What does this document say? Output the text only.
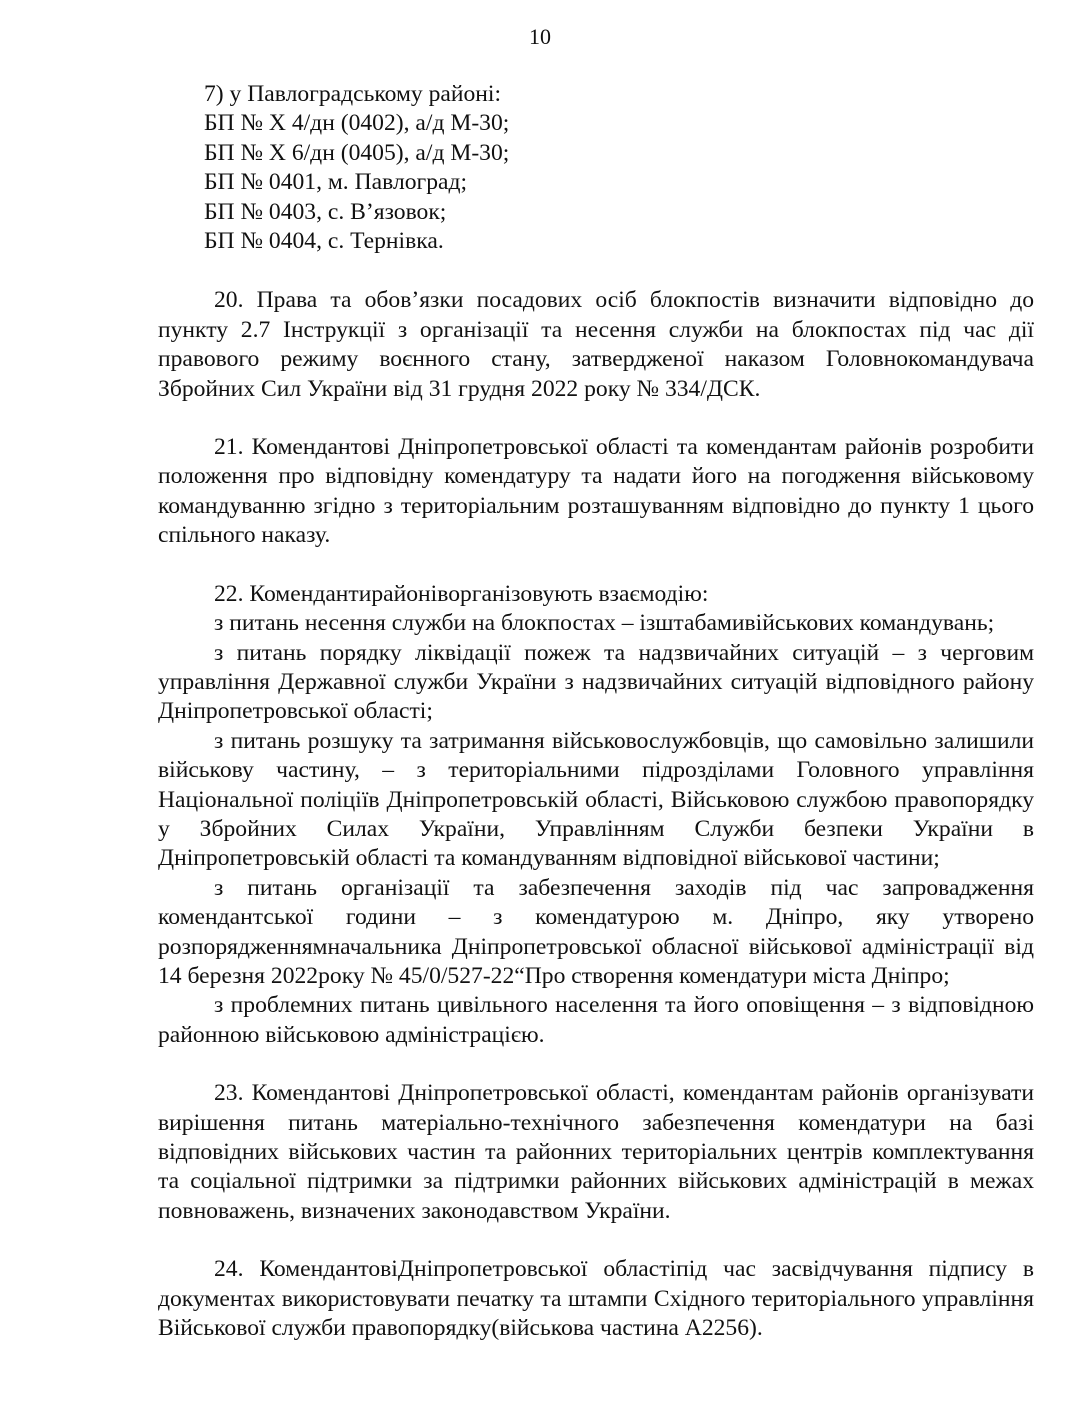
10
7) у Павлоградському районі:
БП № Х 4/дн (0402), а/д М-30;
БП № Х 6/дн (0405), а/д М-30;
БП № 0401, м. Павлоград;
БП № 0403, с. В’язовок;
БП № 0404, с. Тернівка.

20. Права та обов’язки посадових осіб блокпостів визначити відповідно до пункту 2.7 Інструкції з організації та несення служби на блокпостах під час дії правового режиму воєнного стану, затвердженої наказом Головнокомандувача Збройних Сил України від 31 грудня 2022 року № 334/ДСК.

21. Комендантові Дніпропетровської області та комендантам районів розробити положення про відповідну комендатуру та надати його на погодження військовому командуванню згідно з територіальним розташуванням відповідно до пункту 1 цього спільного наказу.

22. Комендантирайоніворганізовують взаємодію:

з питань несення служби на блокпостах – ізштабамивійськових командувань;

з питань порядку ліквідації пожеж та надзвичайних ситуацій – з черговим управління Державної служби України з надзвичайних ситуацій відповідного району Дніпропетровської області;

з питань розшуку та затримання військовослужбовців, що самовільно залишили військову частину, – з територіальними підрозділами Головного управління Національної поліціїв Дніпропетровській області, Військовою службою правопорядку у Збройних Силах України, Управлінням Служби безпеки України в Дніпропетровській області та командуванням відповідної військової частини;

з питань організації та забезпечення заходів під час запровадження комендантської години – з комендатурою м. Дніпро, яку утворено розпорядженнямначальника Дніпропетровської обласної військової адміністрації від 14 березня 2022року № 45/0/527-22“Про створення комендатури міста Дніпро;

з проблемних питань цивільного населення та його оповіщення – з відповідною районною військовою адміністрацією.

23. Комендантові Дніпропетровської області, комендантам районів організувати вирішення питань матеріально-технічного забезпечення комендатури на базі відповідних військових частин та районних територіальних центрів комплектування та соціальної підтримки за підтримки районних військових адміністрацій в межах повноважень, визначених законодавством України.

24. КомендантовіДніпропетровської областіпід час засвідчування підпису в документах використовувати печатку та штампи Східного територіального управління Військової служби правопорядку(військова частина А2256).
